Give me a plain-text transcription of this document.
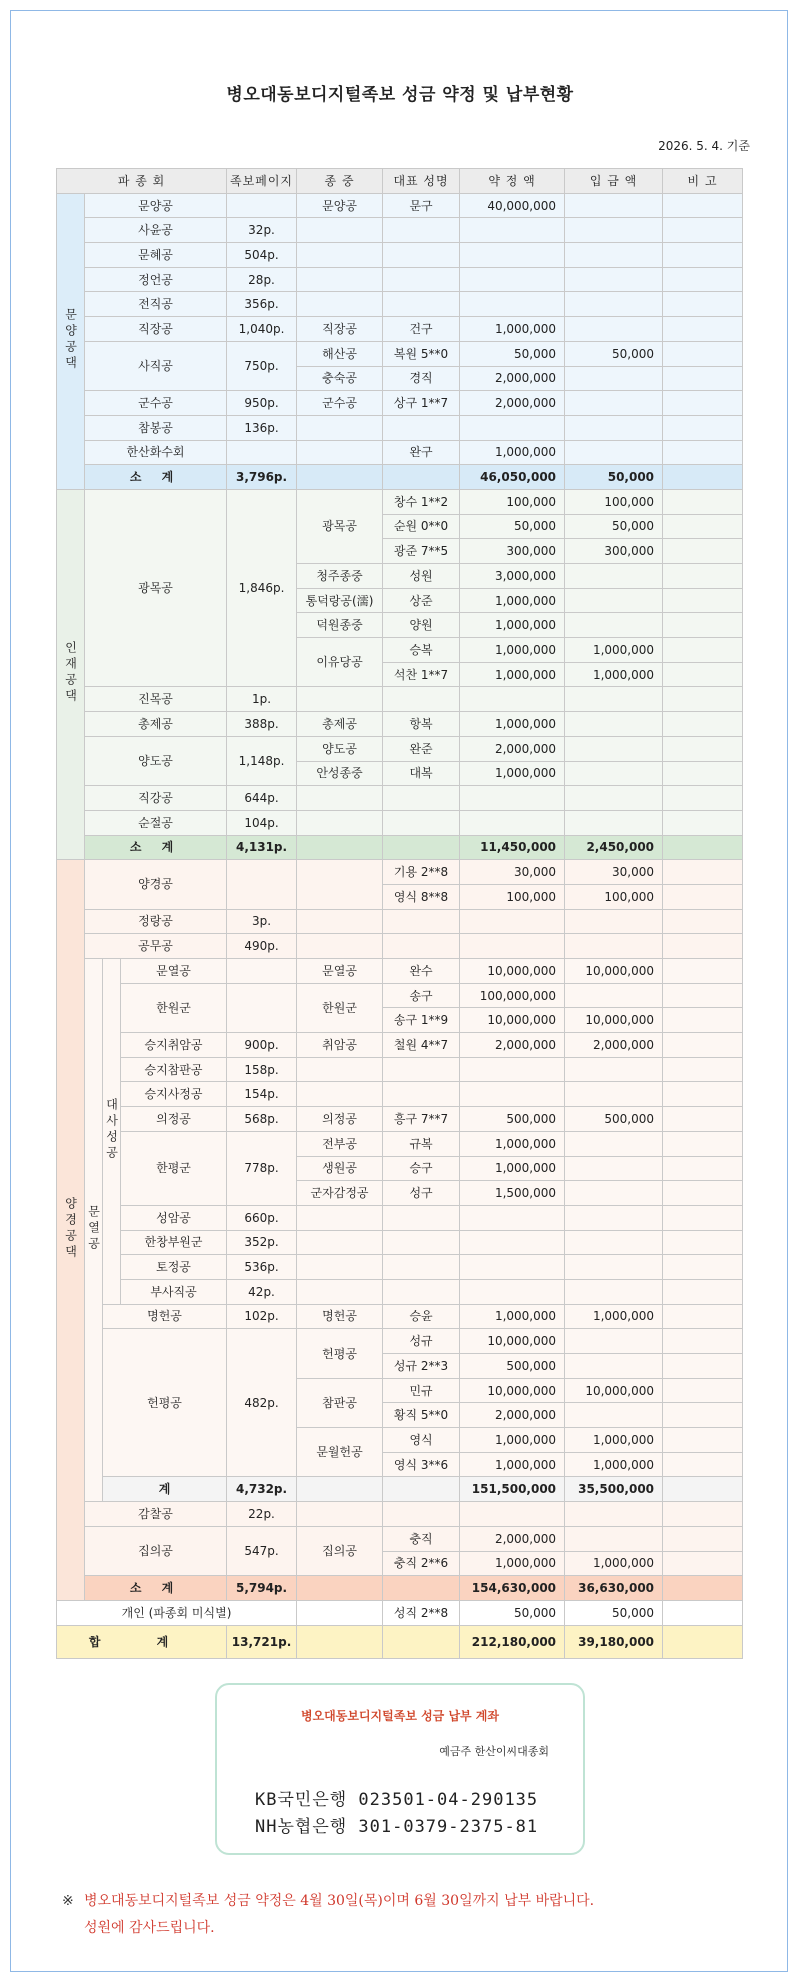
병오대동보디지털족보 성금 약정 및 납부현황
2026. 5. 4. 기준
파 종 회				족보페이지	종 중	대표 성명	약 정 액	입 금 액	비 고
문양공댁	문양공				문양공	문구	40,000,000		
	사윤공			32p.					
	문혜공			504p.					
	정언공			28p.					
	전직공			356p.					
	직장공			1,040p.	직장공	건구	1,000,000		
	사직공			750p.	해산공	복원 5**0	50,000	50,000	
					충숙공	경직	2,000,000		
	군수공			950p.	군수공	상구 1**7	2,000,000		
	참봉공			136p.					
	한산화수회					완구	1,000,000		
	소 계			3,796p.			46,050,000	50,000	
인재공댁	광목공			1,846p.	광목공	창수 1**2	100,000	100,000	
						순원 0**0	50,000	50,000	
						광준 7**5	300,000	300,000	
					청주종중	성원	3,000,000		
					통덕랑공(濡)	상준	1,000,000		
					덕원종중	양원	1,000,000		
					이유당공	승복	1,000,000	1,000,000	
						석찬 1**7	1,000,000	1,000,000	
	진목공			1p.					
	총제공			388p.	총제공	항복	1,000,000		
	양도공			1,148p.	양도공	완준	2,000,000		
					안성종중	대복	1,000,000		
	직강공			644p.					
	순절공			104p.					
	소 계			4,131p.			11,450,000	2,450,000	
양경공댁	양경공					기용 2**8	30,000	30,000	
						영식 8**8	100,000	100,000	
	정랑공			3p.					
	공무공			490p.					
	문열공	대사성공	문열공		문열공	완수	10,000,000	10,000,000	
			한원군		한원군	송구	100,000,000		
						송구 1**9	10,000,000	10,000,000	
			승지취암공	900p.	취암공	철원 4**7	2,000,000	2,000,000	
			승지참판공	158p.					
			승지사정공	154p.					
			의정공	568p.	의정공	흥구 7**7	500,000	500,000	
			한평군	778p.	전부공	규복	1,000,000		
					생원공	승구	1,000,000		
					군자감정공	성구	1,500,000		
			성암공	660p.					
			한창부원군	352p.					
			토정공	536p.					
			부사직공	42p.					
		명헌공		102p.	명헌공	승윤	1,000,000	1,000,000	
		헌평공		482p.	헌평공	성규	10,000,000		
						성규 2**3	500,000		
					참판공	민규	10,000,000	10,000,000	
						황직 5**0	2,000,000		
					문월헌공	영식	1,000,000	1,000,000	
						영식 3**6	1,000,000	1,000,000	
		계		4,732p.			151,500,000	35,500,000	
	감찰공			22p.					
	집의공			547p.	집의공	충직	2,000,000		
						충직 2**6	1,000,000	1,000,000	
	소 계			5,794p.			154,630,000	36,630,000	
개인 (파종회 미식별)						성직 2**8	50,000	50,000	
합 계				13,721p.			212,180,000	39,180,000	
병오대동보디지털족보 성금 납부 계좌
예금주 한산이씨대종회
KB국민은행 023501-04-290135
NH농협은행 301-0379-2375-81
※ 병오대동보디지털족보 성금 약정은 4월 30일(목)이며 6월 30일까지 납부 바랍니다.
성원에 감사드립니다.
